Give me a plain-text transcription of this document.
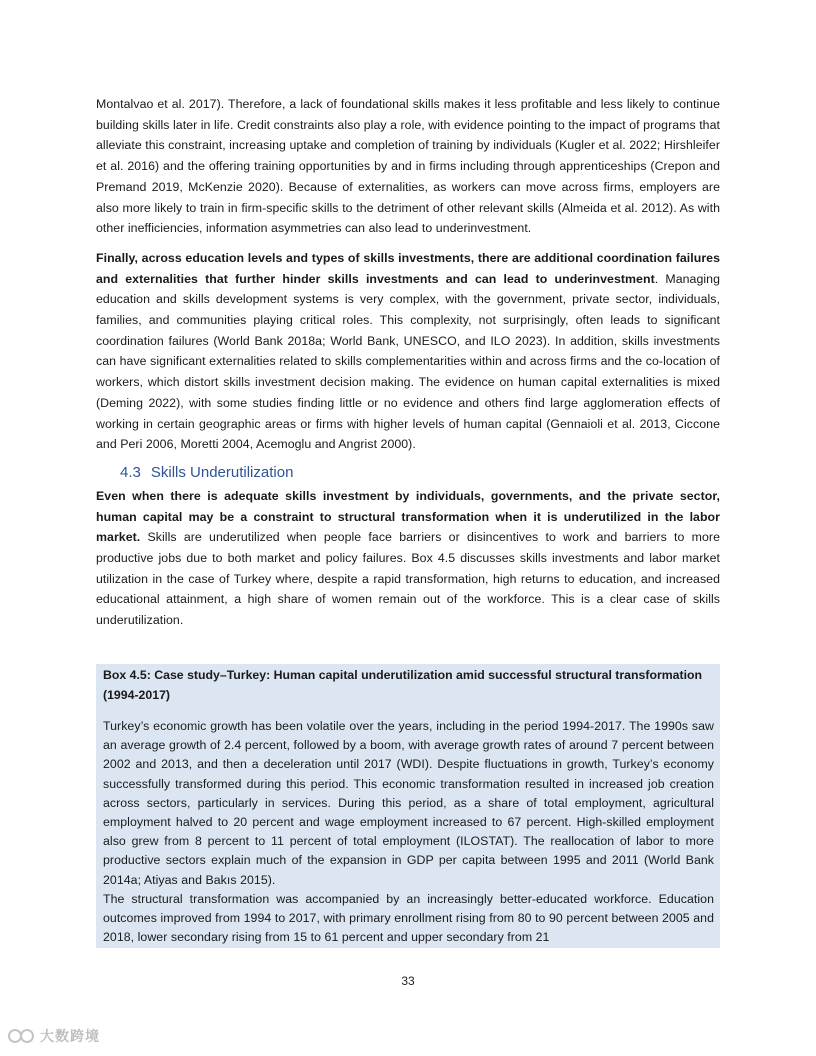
Montalvao et al. 2017). Therefore, a lack of foundational skills makes it less profitable and less likely to continue building skills later in life. Credit constraints also play a role, with evidence pointing to the impact of programs that alleviate this constraint, increasing uptake and completion of training by individuals (Kugler et al. 2022; Hirshleifer et al. 2016) and the offering training opportunities by and in firms including through apprenticeships (Crepon and Premand 2019, McKenzie 2020). Because of externalities, as workers can move across firms, employers are also more likely to train in firm-specific skills to the detriment of other relevant skills (Almeida et al. 2012). As with other inefficiencies, information asymmetries can also lead to underinvestment.

Finally, across education levels and types of skills investments, there are additional coordination failures and externalities that further hinder skills investments and can lead to underinvestment. Managing education and skills development systems is very complex, with the government, private sector, individuals, families, and communities playing critical roles. This complexity, not surprisingly, often leads to significant coordination failures (World Bank 2018a; World Bank, UNESCO, and ILO 2023). In addition, skills investments can have significant externalities related to skills complementarities within and across firms and the co-location of workers, which distort skills investment decision making. The evidence on human capital externalities is mixed (Deming 2022), with some studies finding little or no evidence and others find large agglomeration effects of working in certain geographic areas or firms with higher levels of human capital (Gennaioli et al. 2013, Ciccone and Peri 2006, Moretti 2004, Acemoglu and Angrist 2000).

4.3 Skills Underutilization

Even when there is adequate skills investment by individuals, governments, and the private sector, human capital may be a constraint to structural transformation when it is underutilized in the labor market. Skills are underutilized when people face barriers or disincentives to work and barriers to more productive jobs due to both market and policy failures. Box 4.5 discusses skills investments and labor market utilization in the case of Turkey where, despite a rapid transformation, high returns to education, and increased educational attainment, a high share of women remain out of the workforce. This is a clear case of skills underutilization.

Box 4.5: Case study–Turkey: Human capital underutilization amid successful structural transformation (1994-2017)

Turkey’s economic growth has been volatile over the years, including in the period 1994-2017. The 1990s saw an average growth of 2.4 percent, followed by a boom, with average growth rates of around 7 percent between 2002 and 2013, and then a deceleration until 2017 (WDI). Despite fluctuations in growth, Turkey’s economy successfully transformed during this period. This economic transformation resulted in increased job creation across sectors, particularly in services. During this period, as a share of total employment, agricultural employment halved to 20 percent and wage employment increased to 67 percent. High-skilled employment also grew from 8 percent to 11 percent of total employment (ILOSTAT). The reallocation of labor to more productive sectors explain much of the expansion in GDP per capita between 1995 and 2011 (World Bank 2014a; Atiyas and Bakıs 2015).

The structural transformation was accompanied by an increasingly better-educated workforce. Education outcomes improved from 1994 to 2017, with primary enrollment rising from 80 to 90 percent between 2005 and 2018, lower secondary rising from 15 to 61 percent and upper secondary from 21

33
大数跨境
